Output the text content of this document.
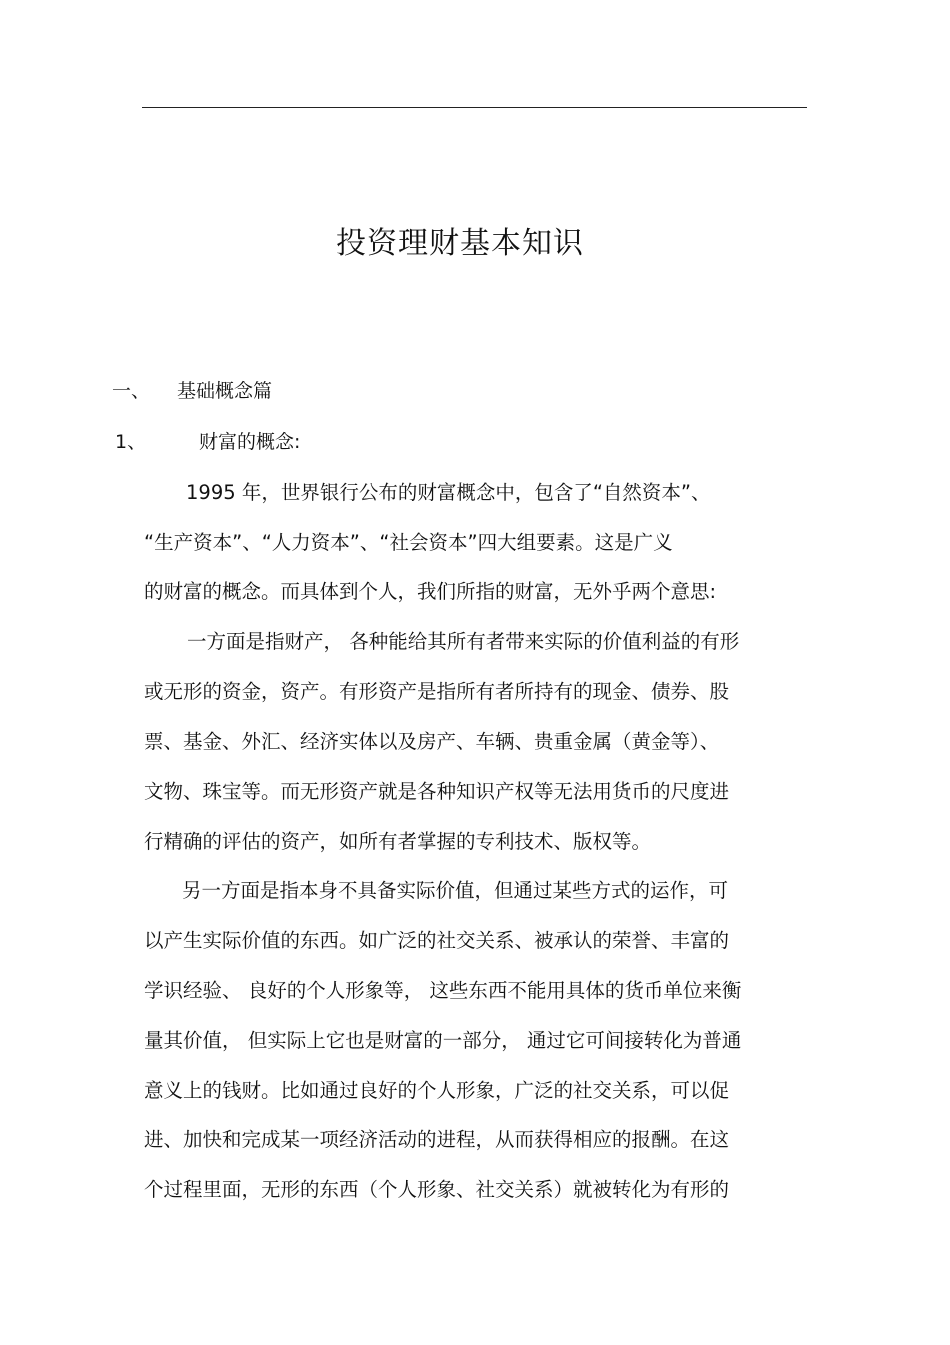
投资理财基本知识
一、 基础概念篇
1、	财富的概念:
1995 年，世界银行公布的财富概念中，包含了“自然资本”、
“生产资本”、“人力资本”、“社会资本”四大组要素。这是广义
的财富的概念。而具体到个人，我们所指的财富，无外乎两个意思:
一方面是指财产， 各种能给其所有者带来实际的价值利益的有形
或无形的资金，资产。有形资产是指所有者所持有的现金、债券、股
票、基金、外汇、经济实体以及房产、车辆、贵重金属（黄金等）、
文物、珠宝等。而无形资产就是各种知识产权等无法用货币的尺度进
行精确的评估的资产，如所有者掌握的专利技术、版权等。
另一方面是指本身不具备实际价值，但通过某些方式的运作，可
以产生实际价值的东西。如广泛的社交关系、被承认的荣誉、丰富的
学识经验、 良好的个人形象等， 这些东西不能用具体的货币单位来衡
量其价值， 但实际上它也是财富的一部分， 通过它可间接转化为普通
意义上的钱财。比如通过良好的个人形象，广泛的社交关系，可以促
进、加快和完成某一项经济活动的进程，从而获得相应的报酬。在这
个过程里面，无形的东西（个人形象、社交关系）就被转化为有形的
